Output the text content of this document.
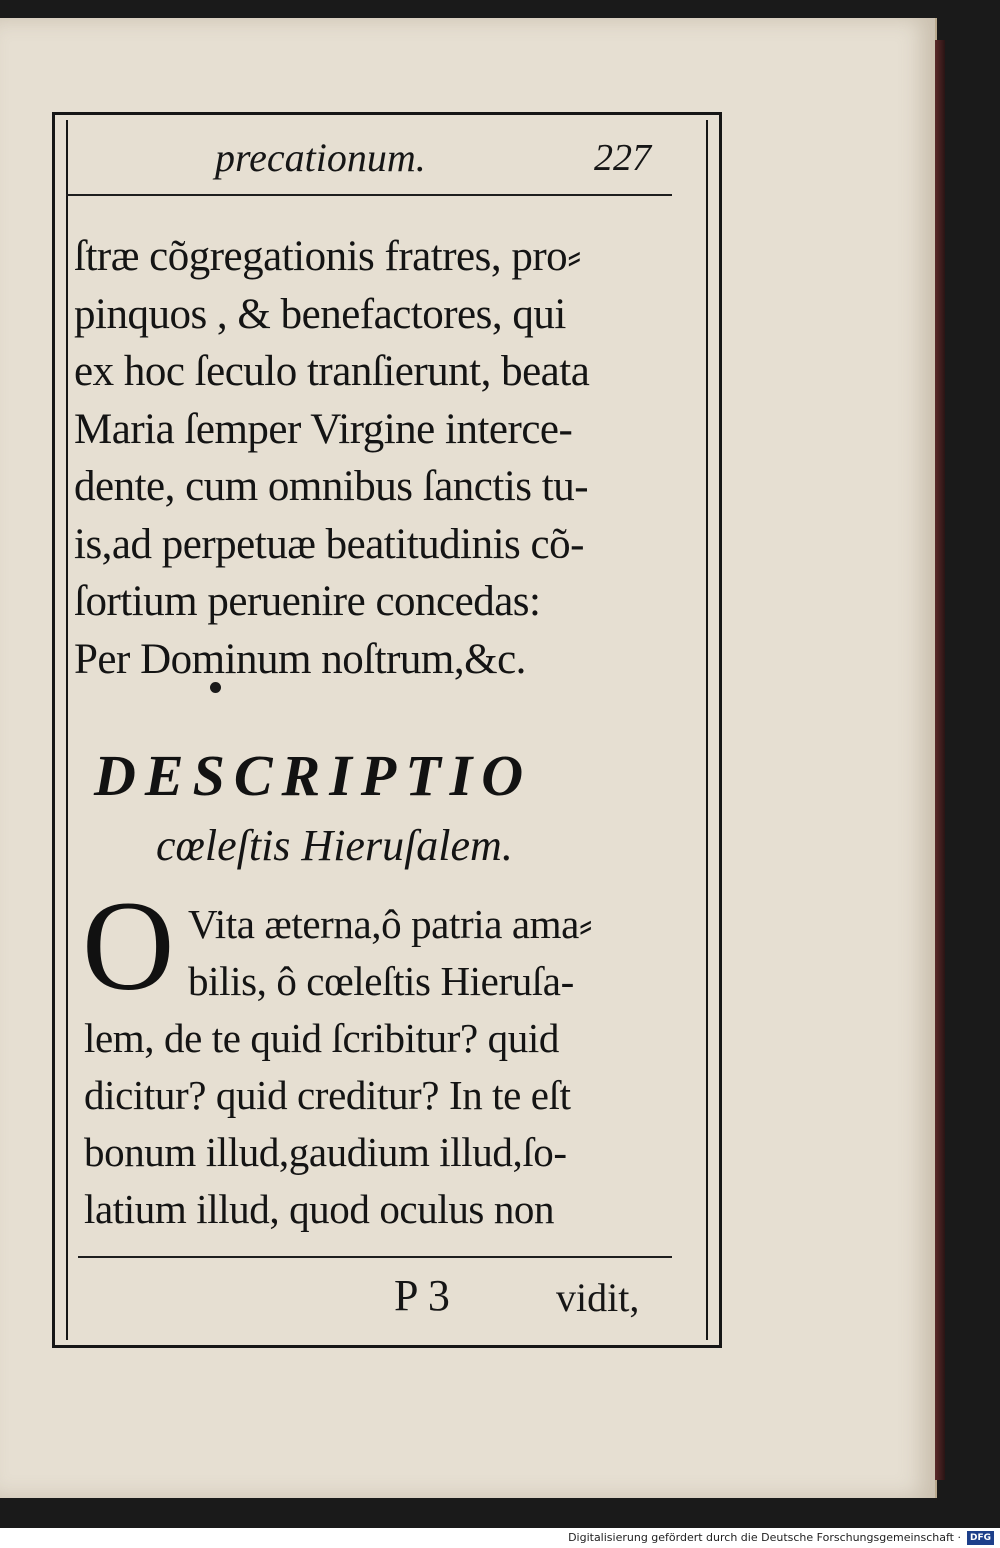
precationum.	227
ſtræ cõgregationis fratres, pro⸗
pinquos , & benefactores, qui
ex hoc ſeculo tranſierunt, beata
Maria ſemper Virgine interce-
dente, cum omnibus ſanctis tu-
is,ad perpetuæ beatitudinis cõ-
ſortium peruenire concedas:
Per Dominum noſtrum,&c.
DESCRIPTIO
cœleſtis Hieruſalem.
O Vita æterna,ô patria ama⸗
bilis, ô cœleſtis Hieruſa-
lem, de te quid ſcribitur? quid
dicitur? quid creditur? In te eſt
bonum illud,gaudium illud,ſo-
latium illud, quod oculus non
P 3	vidit,
Digitalisierung gefördert durch die Deutsche Forschungsgemeinschaft · DFG
